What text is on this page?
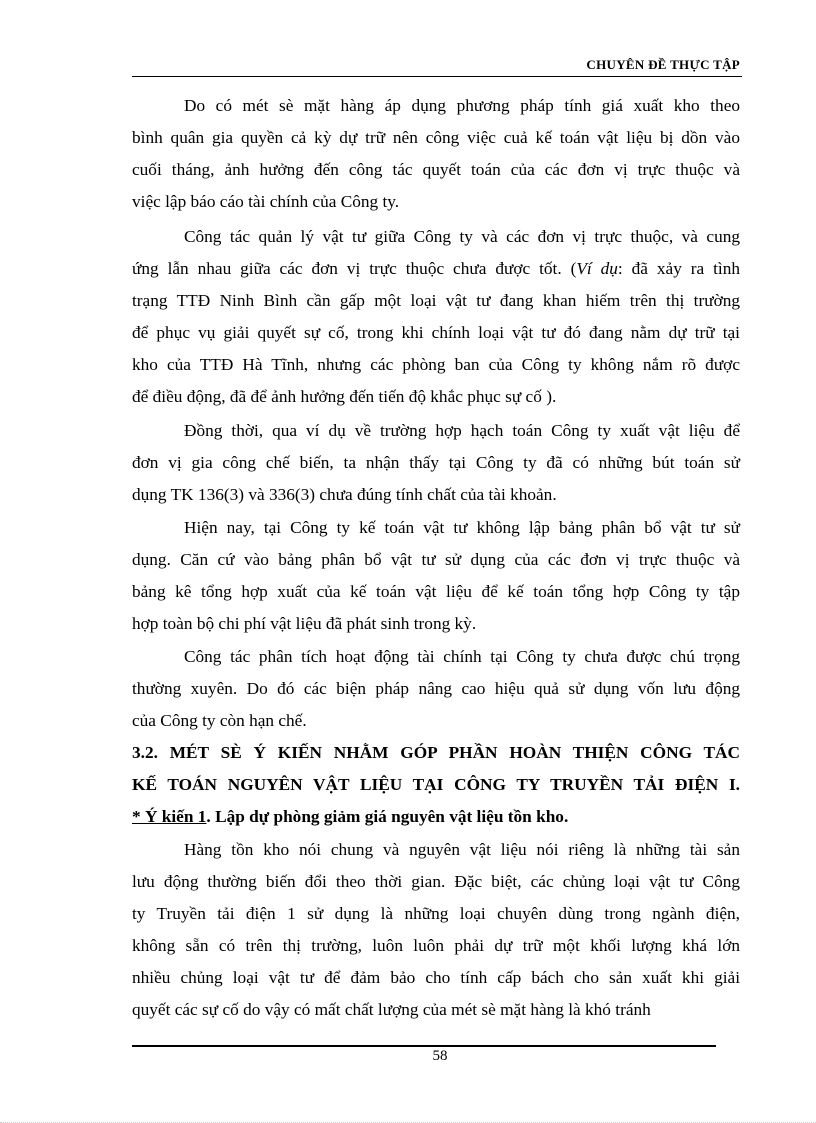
CHUYÊN ĐỀ THỰC TẬP
Do có mét sè mặt hàng áp dụng phương pháp tính giá xuất kho theo
bình quân gia quyền cả kỳ dự trữ nên công việc cuả kế toán vật liệu bị dồn vào
cuối tháng, ảnh hưởng đến công tác quyết toán của các đơn vị trực thuộc và
việc lập báo cáo tài chính của Công ty.
Công tác quản lý vật tư giữa Công ty và các đơn vị trực thuộc, và cung
ứng lẫn nhau giữa các đơn vị trực thuộc chưa được tốt. (Ví dụ: đã xảy ra tình
trạng TTĐ Ninh Bình cần gấp một loại vật tư đang khan hiếm trên thị trường
để phục vụ giải quyết sự cố, trong khi chính loại vật tư đó đang nằm dự trữ tại
kho của TTĐ Hà Tĩnh, nhưng các phòng ban của Công ty không nắm rõ được
để điều động, đã để ảnh hưởng đến tiến độ khắc phục sự cố ).
Đồng thời, qua ví dụ về trường hợp hạch toán Công ty xuất vật liệu để
đơn vị gia công chế biến, ta nhận thấy tại Công ty đã có những bút toán sử
dụng TK 136(3) và 336(3) chưa đúng tính chất của tài khoản.
Hiện nay, tại Công ty kế toán vật tư không lập bảng phân bổ vật tư sử
dụng. Căn cứ vào bảng phân bổ vật tư sử dụng của các đơn vị trực thuộc và
bảng kê tổng hợp xuất của kế toán vật liệu để kế toán tổng hợp Công ty tập
hợp toàn bộ chi phí vật liệu đã phát sinh trong kỳ.
Công tác phân tích hoạt động tài chính tại Công ty chưa được chú trọng
thường xuyên. Do đó các biện pháp nâng cao hiệu quả sử dụng vốn lưu động
của Công ty còn hạn chế.
3.2. MÉT SÈ Ý KIẾN NHẰM GÓP PHẦN HOÀN THIỆN CÔNG TÁC
KẾ TOÁN NGUYÊN VẬT LIỆU TẠI CÔNG TY TRUYỀN TẢI ĐIỆN I.
* Ý kiến 1. Lập dự phòng giảm giá nguyên vật liệu tồn kho.
Hàng tồn kho nói chung và nguyên vật liệu nói riêng là những tài sản
lưu động thường biến đổi theo thời gian. Đặc biệt, các chủng loại vật tư Công
ty Truyền tải điện 1 sử dụng là những loại chuyên dùng trong ngành điện,
không sẵn có trên thị trường, luôn luôn phải dự trữ một khối lượng khá lớn
nhiều chủng loại vật tư để đảm bảo cho tính cấp bách cho sản xuất khi giải
quyết các sự cố do vậy có mất chất lượng của mét sè mặt hàng là khó tránh
58
